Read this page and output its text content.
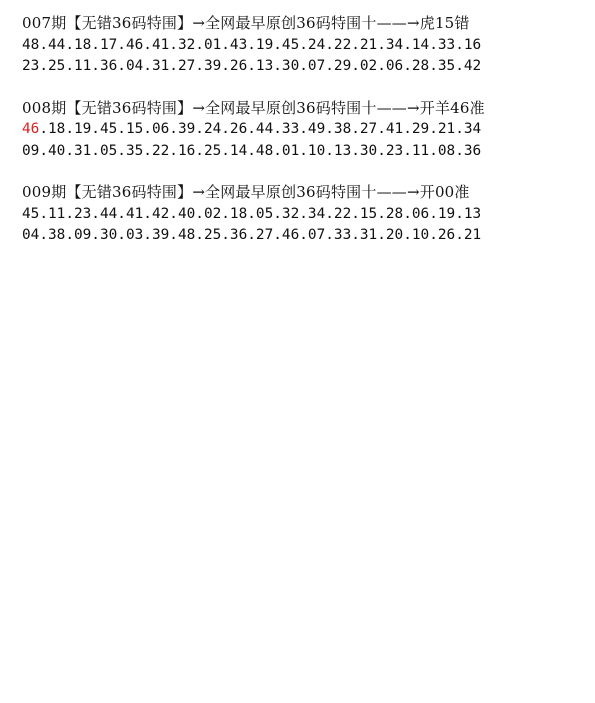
007期【无错36码特围】→全网最早原创36码特围十——→虎15错
48.44.18.17.46.41.32.01.43.19.45.24.22.21.34.14.33.16
23.25.11.36.04.31.27.39.26.13.30.07.29.02.06.28.35.42
008期【无错36码特围】→全网最早原创36码特围十——→开羊46准
46.18.19.45.15.06.39.24.26.44.33.49.38.27.41.29.21.34
09.40.31.05.35.22.16.25.14.48.01.10.13.30.23.11.08.36
009期【无错36码特围】→全网最早原创36码特围十——→开00准
45.11.23.44.41.42.40.02.18.05.32.34.22.15.28.06.19.13
04.38.09.30.03.39.48.25.36.27.46.07.33.31.20.10.26.21
